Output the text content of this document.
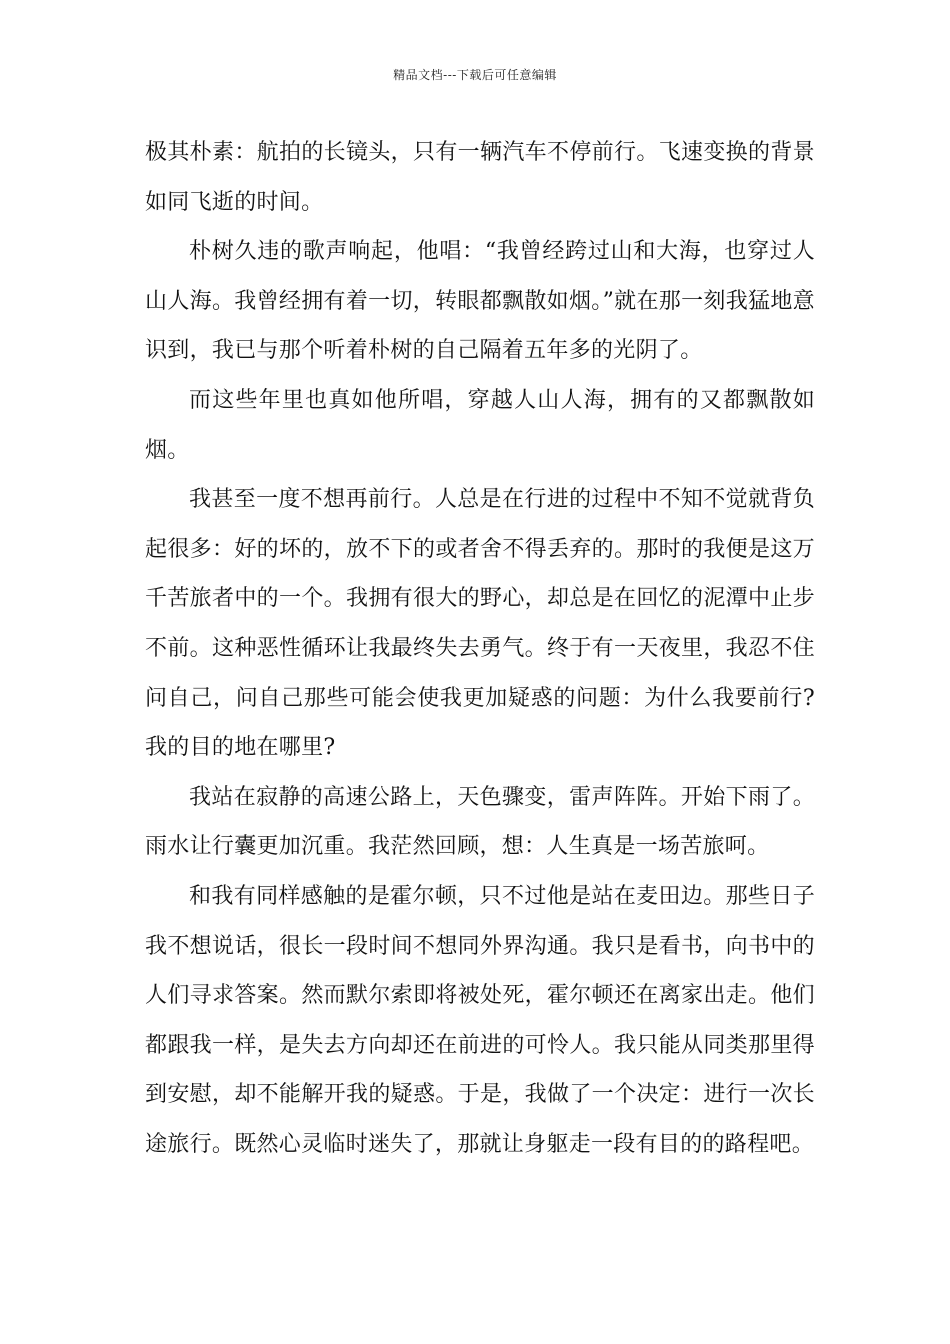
精品文档---下载后可任意编辑

极其朴素：航拍的长镜头，只有一辆汽车不停前行。飞速变换的背景如同飞逝的时间。

朴树久违的歌声响起，他唱：“我曾经跨过山和大海，也穿过人山人海。我曾经拥有着一切，转眼都飘散如烟。”就在那一刻我猛地意识到，我已与那个听着朴树的自己隔着五年多的光阴了。

而这些年里也真如他所唱，穿越人山人海，拥有的又都飘散如烟。

我甚至一度不想再前行。人总是在行进的过程中不知不觉就背负起很多：好的坏的，放不下的或者舍不得丢弃的。那时的我便是这万千苦旅者中的一个。我拥有很大的野心，却总是在回忆的泥潭中止步不前。这种恶性循环让我最终失去勇气。终于有一天夜里，我忍不住问自己，问自己那些可能会使我更加疑惑的问题：为什么我要前行?我的目的地在哪里?

我站在寂静的高速公路上，天色骤变，雷声阵阵。开始下雨了。雨水让行囊更加沉重。我茫然回顾，想：人生真是一场苦旅呵。

和我有同样感触的是霍尔顿，只不过他是站在麦田边。那些日子我不想说话，很长一段时间不想同外界沟通。我只是看书，向书中的人们寻求答案。然而默尔索即将被处死，霍尔顿还在离家出走。他们都跟我一样，是失去方向却还在前进的可怜人。我只能从同类那里得到安慰，却不能解开我的疑惑。于是，我做了一个决定：进行一次长途旅行。既然心灵临时迷失了，那就让身躯走一段有目的的路程吧。
